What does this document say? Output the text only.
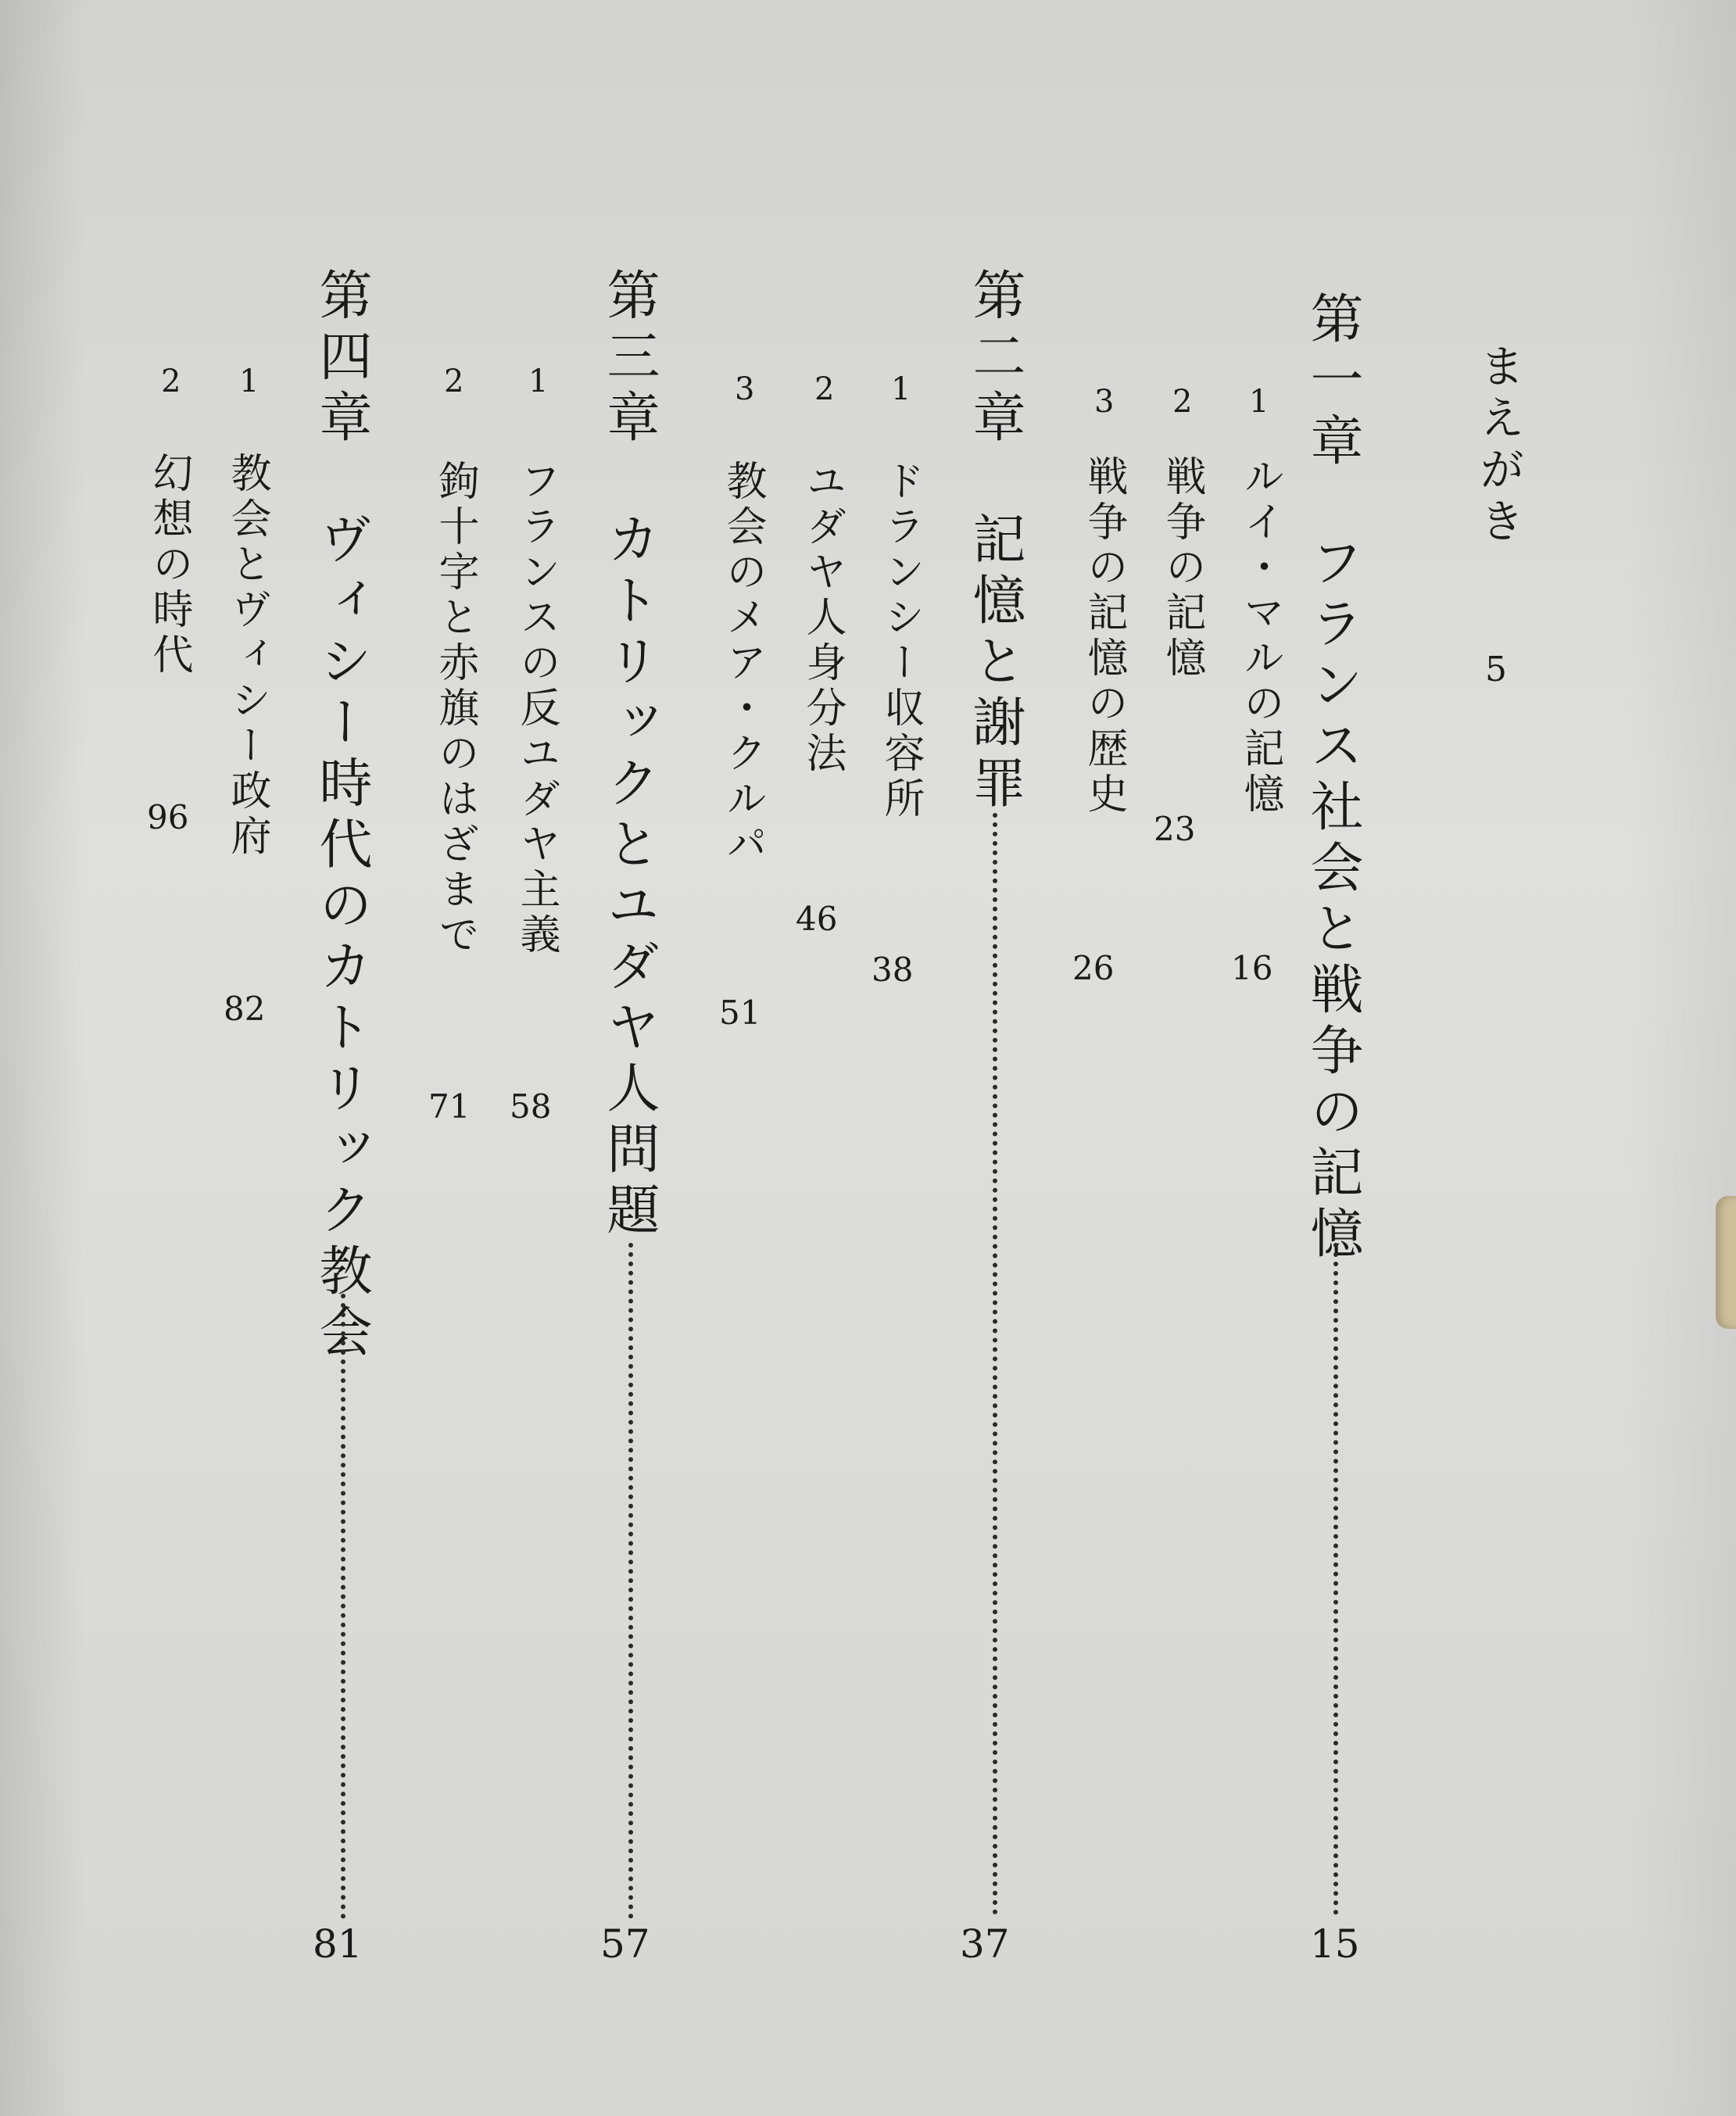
まえがき
5
第一章　フランス社会と戦争の記憶
15
1
ルイ・マルの記憶
16
2
戦争の記憶
23
3
戦争の記憶の歴史
26
第二章　記憶と謝罪
37
1
ドランシー収容所
38
2
ユダヤ人身分法
46
3
教会のメア・クルパ
51
第三章　カトリックとユダヤ人問題
57
1
フランスの反ユダヤ主義
58
2
鉤十字と赤旗のはざまで
71
第四章　ヴィシー時代のカトリック教会
81
1
教会とヴィシー政府
82
2
幻想の時代
96
